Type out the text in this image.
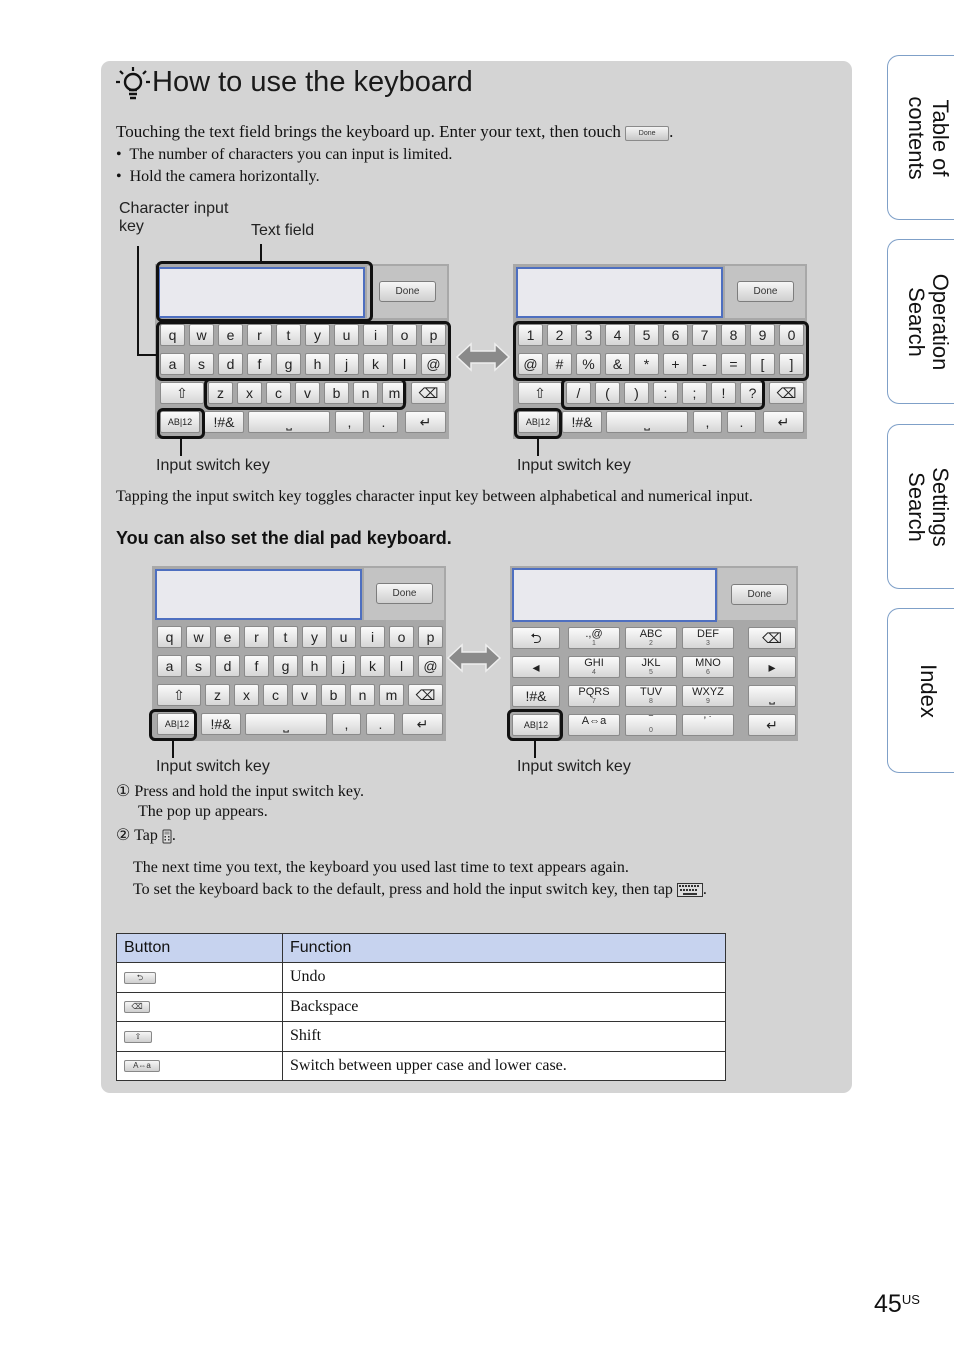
How to use the keyboard
Touching the text field brings the keyboard up. Enter your text, then touch	Done .
•  The number of characters you can input is limited.
•  Hold the camera horizontally.
Character input
key	Text field
Done
q	w	e	r	t	y	u	i	o	p
a	s	d	f	g	h	j	k	l	@
⇧	z	x	c	v	b	n	m	⌫
AB|12	!#&	⎵	,	.	↵
Done
1	2	3	4	5	6	7	8	9	0
@	#	%	&	*	+	-	=	[	]
⇧	/	(	)	:	;	!	?	⌫
AB|12	!#&	⎵	,	.	↵
Done
q	w	e	r	t	y	u	i	o	p
a	s	d	f	g	h	j	k	l	@
⇧	z	x	c	v	b	n	m	⌫
AB|12	!#&	⎵	,	.	↵
Done
⮌	.,@
1
ABC
2
DEF
3	⌫
◂	GHI
4
JKL
5
MNO
6	▸
!#&	PQRS
7
TUV
8
WXYZ
9	⎵
AB|12	A⇔a	‾
0
’ ˙	↵
Input switch key	Input switch key
Tapping the input switch key toggles character input key between alphabetical and numerical input.
You can also set the dial pad keyboard.
Input switch key	Input switch key
① Press and hold the input switch key.
The pop up appears.
② Tap .
The next time you text, the keyboard you used last time to text appears again.
To set the keyboard back to the default, press and hold the input switch key, then tap .
Button	Function
⮌	Undo
⌫	Backspace
⇧	Shift
A⇔a	Switch between upper case and lower case.
Table of
contents
Operation
Search
Settings
Search
Index
$45^{US}$
